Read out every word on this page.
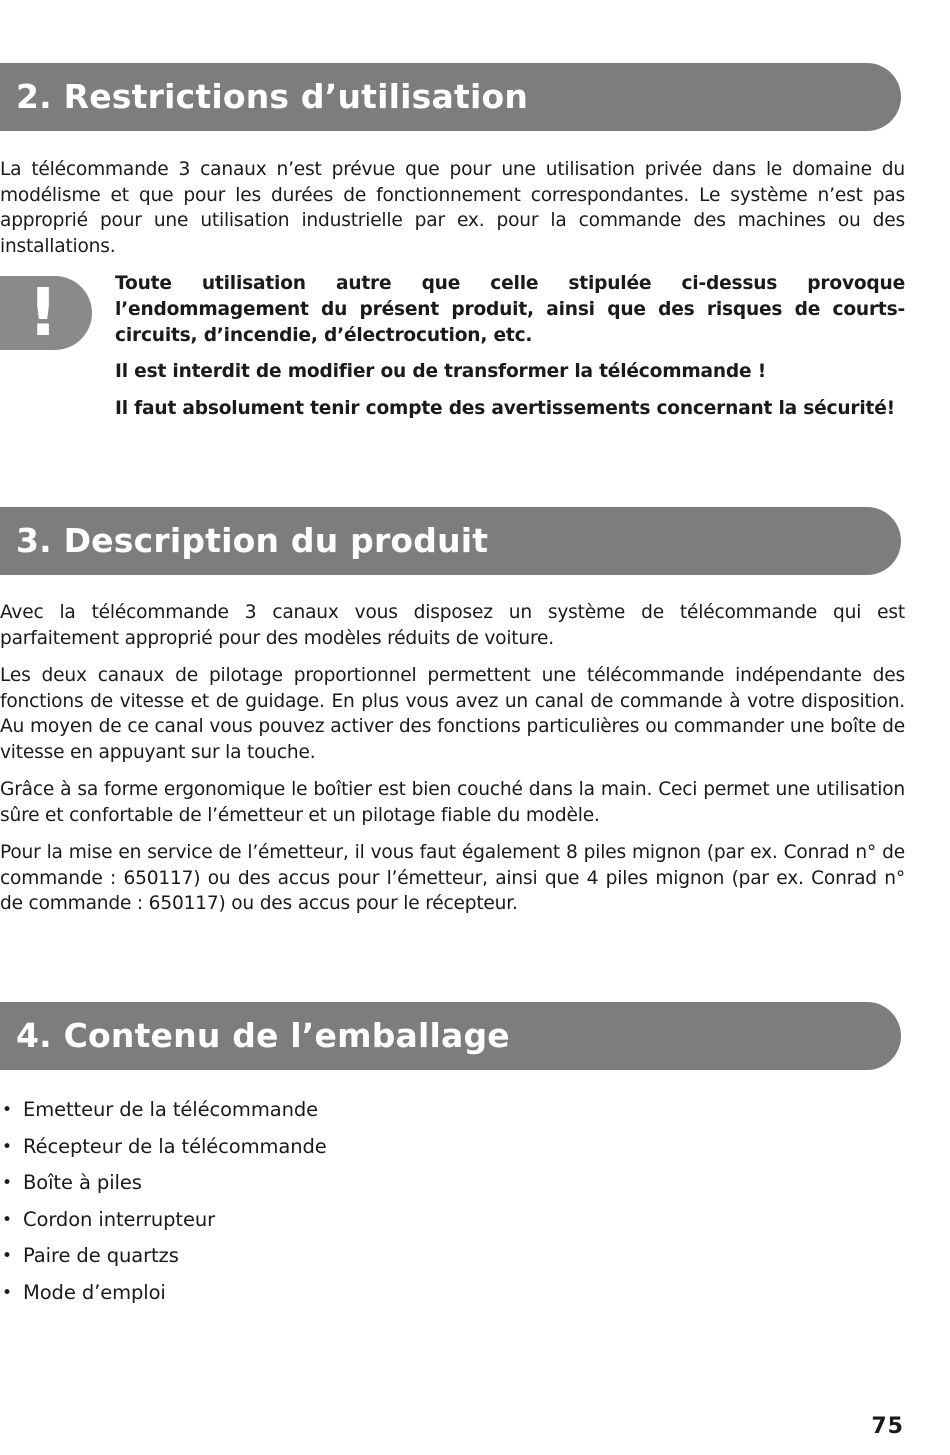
2. Restrictions d’utilisation

La télécommande 3 canaux n’est prévue que pour une utilisation privée dans le domaine du modélisme et que pour les durées de fonctionnement correspondantes. Le système n’est pas approprié pour une utilisation industrielle par ex. pour la commande des machines ou des installations.

!	Toute utilisation autre que celle stipulée ci-dessus provoque l’endommagement du présent produit, ainsi que des risques de courts-circuits, d’incendie, d’électrocution, etc.

Il est interdit de modifier ou de transformer la télécommande !

Il faut absolument tenir compte des avertissements concernant la sécurité!

3. Description du produit

Avec la télécommande 3 canaux vous disposez un système de télécommande qui est parfaitement approprié pour des modèles réduits de voiture.

Les deux canaux de pilotage proportionnel permettent une télécommande indépendante des fonctions de vitesse et de guidage. En plus vous avez un canal de commande à votre disposition. Au moyen de ce canal vous pouvez activer des fonctions particulières ou commander une boîte de vitesse en appuyant sur la touche.

Grâce à sa forme ergonomique le boîtier est bien couché dans la main. Ceci permet une utilisation sûre et confortable de l’émetteur et un pilotage fiable du modèle.

Pour la mise en service de l’émetteur, il vous faut également 8 piles mignon (par ex. Conrad n° de commande : 650117) ou des accus pour l’émetteur, ainsi que 4 piles mignon (par ex. Conrad n° de commande : 650117) ou des accus pour le récepteur.

4. Contenu de l’emballage
• Emetteur de la télécommande
• Récepteur de la télécommande
• Boîte à piles
• Cordon interrupteur
• Paire de quartzs
• Mode d’emploi
75
